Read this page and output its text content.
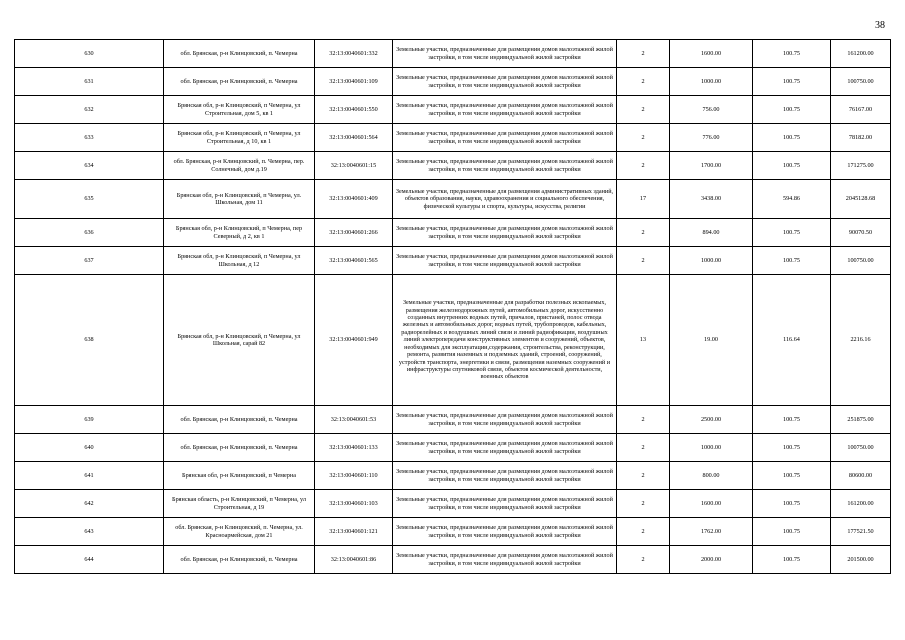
38
630	обл. Брянская, р-н Клинцовский, п. Чемерна	32:13:0040601:332	Земельные участки, предназначенные для размещения домов малоэтажной жилой застройки, в том числе индивидуальной жилой застройки	2	1600.00	100.75	161200.00
631	обл. Брянская, р-н Клинцовский, п. Чемерна	32:13:0040601:109	Земельные участки, предназначенные для размещения домов малоэтажной жилой застройки, в том числе индивидуальной жилой застройки	2	1000.00	100.75	100750.00
632	Брянская обл, р-н Клинцовский, п Чемерна, ул Строительная, дом 5, кв 1	32:13:0040601:550	Земельные участки, предназначенные для размещения домов малоэтажной жилой застройки, в том числе индивидуальной жилой застройки	2	756.00	100.75	76167.00
633	Брянская обл, р-н Клинцовский, п Чемерна, ул Строительная, д 10, кв 1	32:13:0040601:564	Земельные участки, предназначенные для размещения домов малоэтажной жилой застройки, в том числе индивидуальной жилой застройки	2	776.00	100.75	78182.00
634	обл. Брянская, р-н Клинцовский, п. Чемерна, пер. Солнечный, дом д.19	32:13:0040601:15	Земельные участки, предназначенные для размещения домов малоэтажной жилой застройки, в том числе индивидуальной жилой застройки	2	1700.00	100.75	171275.00
635	Брянская обл, р-н Клинцовский, п Чемерна, ул. Школьная, дом 11	32:13:0040601:409	Земельные участки, предназначенные для размещения административных зданий, объектов образования, науки, здравоохранения и социального обеспечения, физической культуры и спорта, культуры, искусства, религии	17	3438.00	594.86	2045128.68
636	Брянская обл, р-н Клинцовский, п Чемерна, пер Северный, д 2, кв 1	32:13:0040601:266	Земельные участки, предназначенные для размещения домов малоэтажной жилой застройки, в том числе индивидуальной жилой застройки	2	894.00	100.75	90070.50
637	Брянская обл, р-н Клинцовский, п Чемерна, ул Школьная, д 12	32:13:0040601:565	Земельные участки, предназначенные для размещения домов малоэтажной жилой застройки, в том числе индивидуальной жилой застройки	2	1000.00	100.75	100750.00
638	Брянская обл, р-н Клинцовский, п Чемерна, ул Школьная, сарай 82	32:13:0040601:949	Земельные участки, предназначенные для разработки полезных ископаемых, размещения железнодорожных путей, автомобильных дорог, искусственно созданных внутренних водных путей, причалов, пристаней, полос отвода железных и автомобильных дорог, водных путей, трубопроводов, кабельных, радиорелейных и воздушных линий связи и линий радиофикации, воздушных линий электропередачи конструктивных элементов и сооружений, объектов, необходимых для эксплуатации,содержания, строительства, реконструкции, ремонта, развития наземных и подземных зданий, строений, сооружений, устройств транспорта, энергетики и связи, размещения наземных сооружений и инфраструктуры спутниковой связи, объектов космической деятельности, военных объектов	13	19.00	116.64	2216.16
639	обл. Брянская, р-н Клинцовский, п. Чемерна	32:13:0040601:53	Земельные участки, предназначенные для размещения домов малоэтажной жилой застройки, в том числе индивидуальной жилой застройки	2	2500.00	100.75	251875.00
640	обл. Брянская, р-н Клинцовский, п. Чемерна	32:13:0040601:133	Земельные участки, предназначенные для размещения домов малоэтажной жилой застройки, в том числе индивидуальной жилой застройки	2	1000.00	100.75	100750.00
641	Брянская обл, р-н Клинцовский, п Чемерна	32:13:0040601:110	Земельные участки, предназначенные для размещения домов малоэтажной жилой застройки, в том числе индивидуальной жилой застройки	2	800.00	100.75	80600.00
642	Брянская область, р-н Клинцовский, п Чемерна, ул Строительная, д 19	32:13:0040601:103	Земельные участки, предназначенные для размещения домов малоэтажной жилой застройки, в том числе индивидуальной жилой застройки	2	1600.00	100.75	161200.00
643	обл. Брянская, р-н Клинцовский, п. Чемерна, ул. Красноармейская, дом 21	32:13:0040601:121	Земельные участки, предназначенные для размещения домов малоэтажной жилой застройки, в том числе индивидуальной жилой застройки	2	1762.00	100.75	177521.50
644	обл. Брянская, р-н Клинцовский, п. Чемерна	32:13:0040601:86	Земельные участки, предназначенные для размещения домов малоэтажной жилой застройки, в том числе индивидуальной жилой застройки	2	2000.00	100.75	201500.00
